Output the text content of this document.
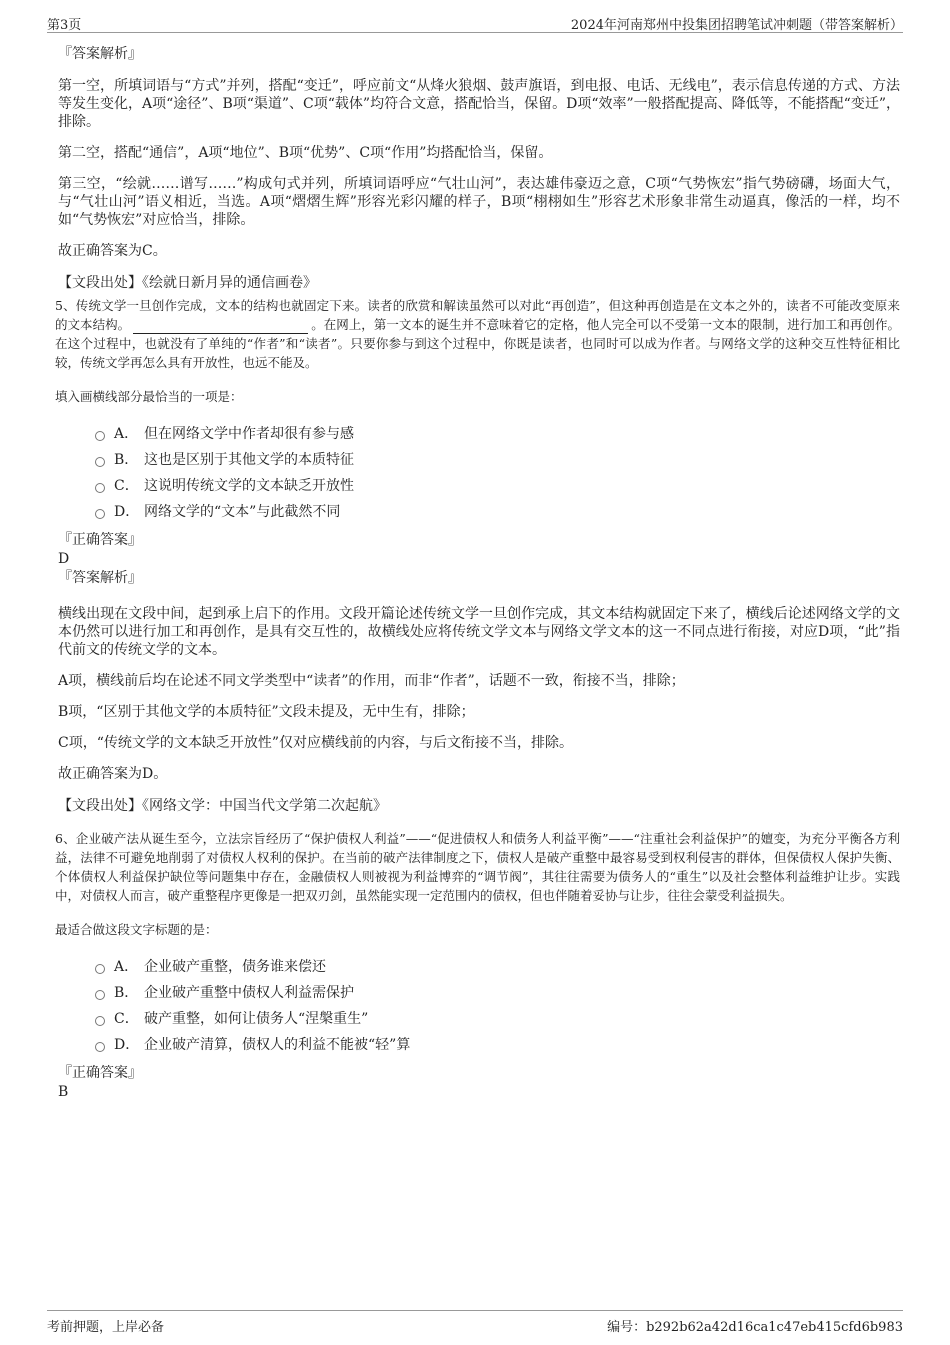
第3页	2024年河南郑州中投集团招聘笔试冲刺题（带答案解析）
『答案解析』

第一空，所填词语与“方式”并列，搭配“变迁”，呼应前文“从烽火狼烟、鼓声旗语，到电报、电话、无线电”，表示信息传递的方式、方法等发生变化，A项“途径”、B项“渠道”、C项“载体”均符合文意，搭配恰当，保留。D项“效率”一般搭配提高、降低等，不能搭配“变迁”，排除。

第二空，搭配“通信”，A项“地位”、B项“优势”、C项“作用”均搭配恰当，保留。

第三空，“绘就……谱写……”构成句式并列，所填词语呼应“气壮山河”，表达雄伟豪迈之意，C项“气势恢宏”指气势磅礴，场面大气，与“气壮山河”语义相近，当选。A项“熠熠生辉”形容光彩闪耀的样子，B项“栩栩如生”形容艺术形象非常生动逼真，像活的一样，均不如“气势恢宏”对应恰当，排除。

故正确答案为C。

【文段出处】《绘就日新月异的通信画卷》
5、传统文学一旦创作完成，文本的结构也就固定下来。读者的欣赏和解读虽然可以对此“再创造”，但这种再创造是在文本之外的，读者不可能改变原来的文本结构。	。在网上，第一文本的诞生并不意味着它的定格，他人完全可以不受第一文本的限制，进行加工和再创作。在这个过程中，也就没有了单纯的“作者”和“读者”。只要你参与到这个过程中，你既是读者，也同时可以成为作者。与网络文学的这种交互性特征相比较，传统文学再怎么具有开放性，也远不能及。
填入画横线部分最恰当的一项是：
A． 但在网络文学中作者却很有参与感
B． 这也是区别于其他文学的本质特征
C． 这说明传统文学的文本缺乏开放性
D． 网络文学的“文本”与此截然不同
『正确答案』
D
『答案解析』

横线出现在文段中间，起到承上启下的作用。文段开篇论述传统文学一旦创作完成，其文本结构就固定下来了，横线后论述网络文学的文本仍然可以进行加工和再创作，是具有交互性的，故横线处应将传统文学文本与网络文学文本的这一不同点进行衔接，对应D项，“此”指代前文的传统文学的文本。

A项，横线前后均在论述不同文学类型中“读者”的作用，而非“作者”，话题不一致，衔接不当，排除；

B项，“区别于其他文学的本质特征”文段未提及，无中生有，排除；

C项，“传统文学的文本缺乏开放性”仅对应横线前的内容，与后文衔接不当，排除。

故正确答案为D。

【文段出处】《网络文学：中国当代文学第二次起航》
6、企业破产法从诞生至今，立法宗旨经历了“保护债权人利益”——“促进债权人和债务人利益平衡”——“注重社会利益保护”的嬗变，为充分平衡各方利益，法律不可避免地削弱了对债权人权利的保护。在当前的破产法律制度之下，债权人是破产重整中最容易受到权利侵害的群体，但保债权人保护失衡、个体债权人利益保护缺位等问题集中存在，金融债权人则被视为利益博弈的“调节阀”，其往往需要为债务人的“重生”以及社会整体利益维护让步。实践中，对债权人而言，破产重整程序更像是一把双刃剑，虽然能实现一定范围内的债权，但也伴随着妥协与让步，往往会蒙受利益损失。
最适合做这段文字标题的是：
A． 企业破产重整，债务谁来偿还
B． 企业破产重整中债权人利益需保护
C． 破产重整，如何让债务人“涅槃重生”
D． 企业破产清算，债权人的利益不能被“轻”算
『正确答案』
B
考前押题，上岸必备	编号：b292b62a42d16ca1c47eb415cfd6b983
